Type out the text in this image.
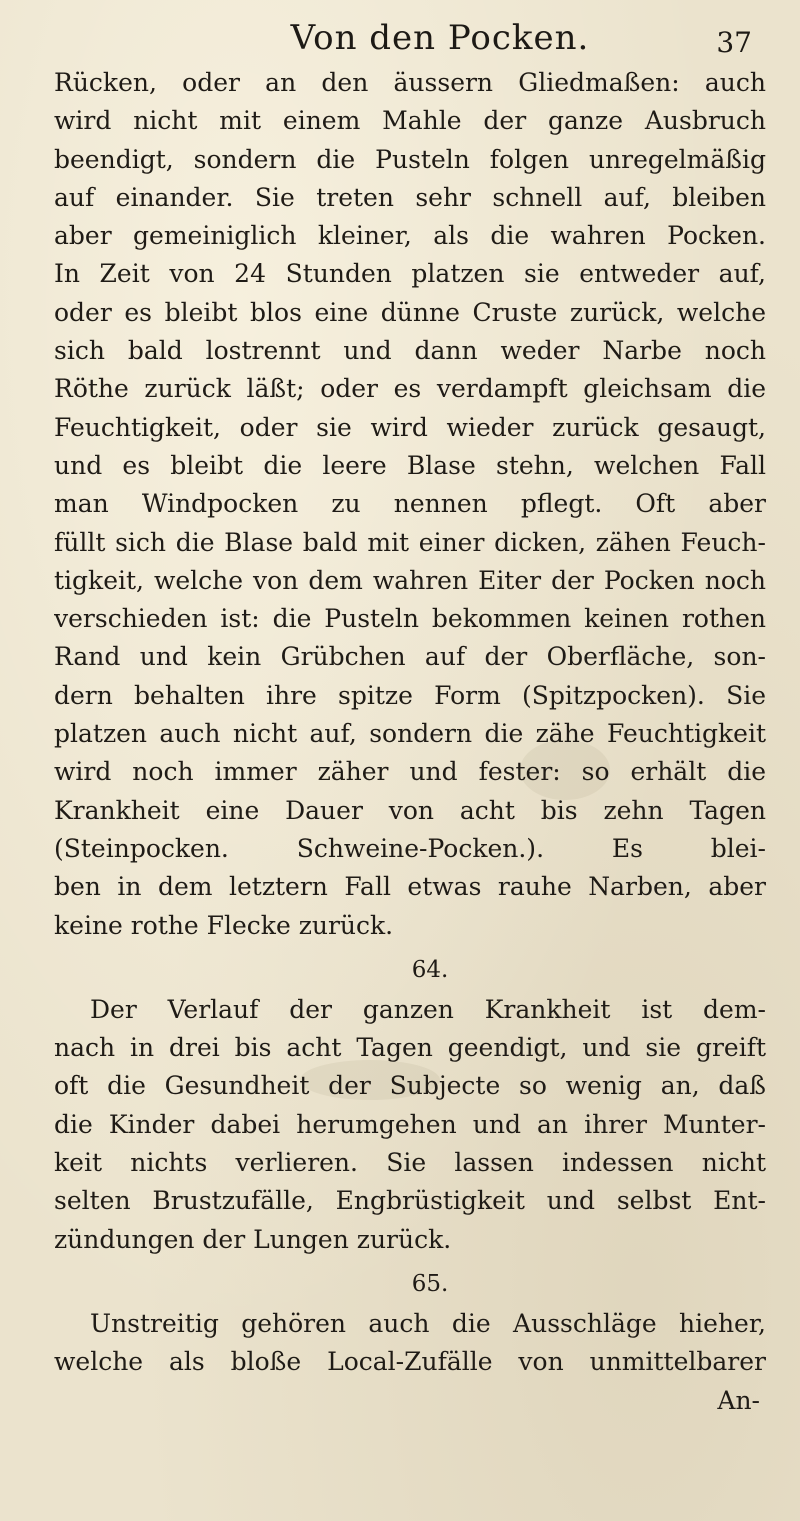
Von den Pocken.	37
Rücken, oder an den äussern Gliedmaßen: auch
wird nicht mit einem Mahle der ganze Ausbruch
beendigt, sondern die Pusteln folgen unregelmäßig
auf einander. Sie treten sehr schnell auf, bleiben
aber gemeiniglich kleiner, als die wahren Pocken.
In Zeit von 24 Stunden platzen sie entweder auf,
oder es bleibt blos eine dünne Cruste zurück, welche
sich bald lostrennt und dann weder Narbe noch
Röthe zurück läßt; oder es verdampft gleichsam die
Feuchtigkeit, oder sie wird wieder zurück gesaugt,
und es bleibt die leere Blase stehn, welchen Fall
man Windpocken zu nennen pflegt. Oft aber
füllt sich die Blase bald mit einer dicken, zähen Feuch-
tigkeit, welche von dem wahren Eiter der Pocken noch
verschieden ist: die Pusteln bekommen keinen rothen
Rand und kein Grübchen auf der Oberfläche, son-
dern behalten ihre spitze Form (Spitzpocken). Sie
platzen auch nicht auf, sondern die zähe Feuchtigkeit
wird noch immer zäher und fester: so erhält die
Krankheit eine Dauer von acht bis zehn Tagen
(Steinpocken. Schweine-Pocken.). Es blei-
ben in dem letztern Fall etwas rauhe Narben, aber
keine rothe Flecke zurück.
64.
Der Verlauf der ganzen Krankheit ist dem-
nach in drei bis acht Tagen geendigt, und sie greift
oft die Gesundheit der Subjecte so wenig an, daß
die Kinder dabei herumgehen und an ihrer Munter-
keit nichts verlieren. Sie lassen indessen nicht
selten Brustzufälle, Engbrüstigkeit und selbst Ent-
zündungen der Lungen zurück.
65.
Unstreitig gehören auch die Ausschläge hieher,
welche als bloße Local-Zufälle von unmittelbarer
An-
